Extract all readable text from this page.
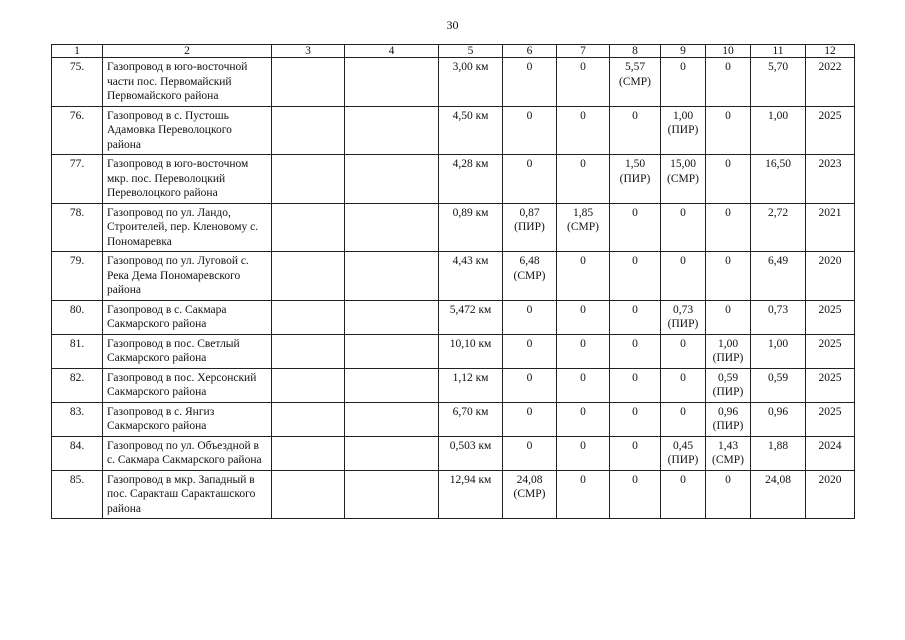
30
1	2	3	4	5	6	7	8	9	10	11	12
75.	Газопровод в юго-восточной части пос. Первомайский Первомайского района			3,00 км	0	0	5,57
(СМР)	0	0	5,70	2022
76.	Газопровод в с. Пустошь Адамовка Переволоцкого района			4,50 км	0	0	0	1,00
(ПИР)	0	1,00	2025
77.	Газопровод в юго-восточном мкр. пос. Переволоцкий Переволоцкого района			4,28 км	0	0	1,50
(ПИР)	15,00
(СМР)	0	16,50	2023
78.	Газопровод по ул. Ландо, Строителей, пер. Кленовому с. Пономаревка			0,89 км	0,87
(ПИР)	1,85
(СМР)	0	0	0	2,72	2021
79.	Газопровод по ул. Луговой с. Река Дема Пономаревского района			4,43 км	6,48
(СМР)	0	0	0	0	6,49	2020
80.	Газопровод в с. Сакмара Сакмарского района			5,472 км	0	0	0	0,73
(ПИР)	0	0,73	2025
81.	Газопровод в пос. Светлый Сакмарского района			10,10 км	0	0	0	0	1,00
(ПИР)	1,00	2025
82.	Газопровод в пос. Херсонский Сакмарского района			1,12 км	0	0	0	0	0,59
(ПИР)	0,59	2025
83.	Газопровод в с. Янгиз Сакмарского района			6,70 км	0	0	0	0	0,96
(ПИР)	0,96	2025
84.	Газопровод по ул. Объездной в с. Сакмара Сакмарского района			0,503 км	0	0	0	0,45
(ПИР)	1,43
(СМР)	1,88	2024
85.	Газопровод в мкр. Западный в пос. Саракташ Саракташского района			12,94 км	24,08
(СМР)	0	0	0	0	24,08	2020
